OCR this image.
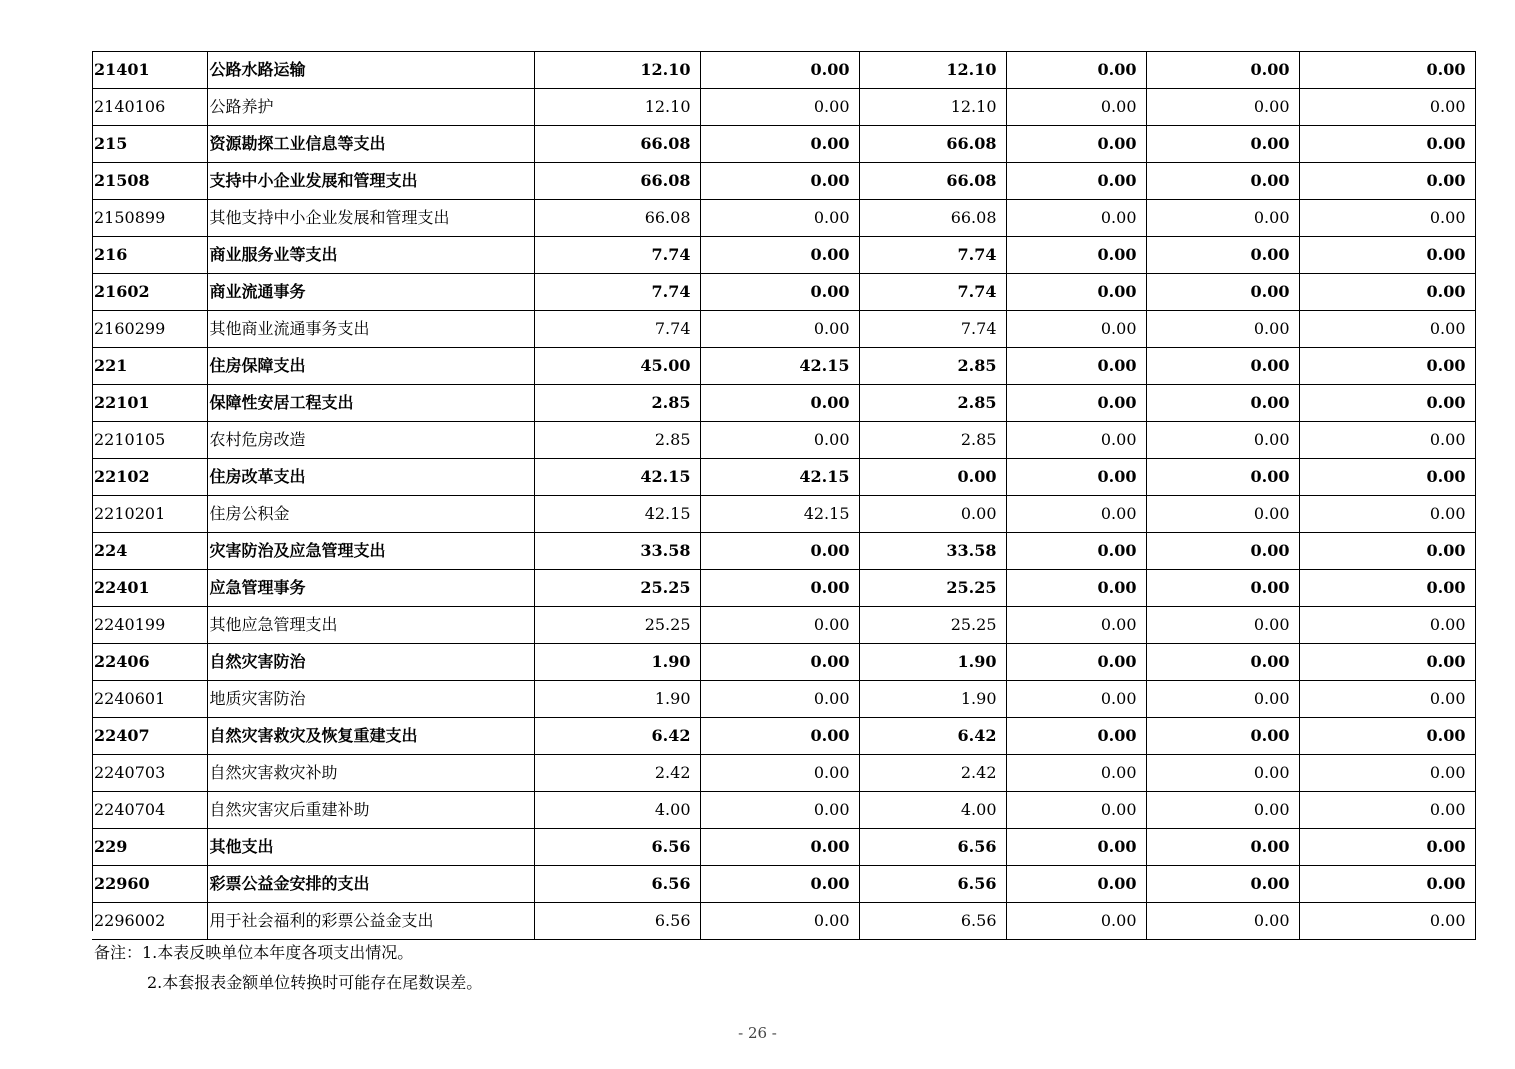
21401	公路水路运输	12.10	0.00	12.10	0.00	0.00	0.00
2140106	公路养护	12.10	0.00	12.10	0.00	0.00	0.00
215	资源勘探工业信息等支出	66.08	0.00	66.08	0.00	0.00	0.00
21508	支持中小企业发展和管理支出	66.08	0.00	66.08	0.00	0.00	0.00
2150899	其他支持中小企业发展和管理支出	66.08	0.00	66.08	0.00	0.00	0.00
216	商业服务业等支出	7.74	0.00	7.74	0.00	0.00	0.00
21602	商业流通事务	7.74	0.00	7.74	0.00	0.00	0.00
2160299	其他商业流通事务支出	7.74	0.00	7.74	0.00	0.00	0.00
221	住房保障支出	45.00	42.15	2.85	0.00	0.00	0.00
22101	保障性安居工程支出	2.85	0.00	2.85	0.00	0.00	0.00
2210105	农村危房改造	2.85	0.00	2.85	0.00	0.00	0.00
22102	住房改革支出	42.15	42.15	0.00	0.00	0.00	0.00
2210201	住房公积金	42.15	42.15	0.00	0.00	0.00	0.00
224	灾害防治及应急管理支出	33.58	0.00	33.58	0.00	0.00	0.00
22401	应急管理事务	25.25	0.00	25.25	0.00	0.00	0.00
2240199	其他应急管理支出	25.25	0.00	25.25	0.00	0.00	0.00
22406	自然灾害防治	1.90	0.00	1.90	0.00	0.00	0.00
2240601	地质灾害防治	1.90	0.00	1.90	0.00	0.00	0.00
22407	自然灾害救灾及恢复重建支出	6.42	0.00	6.42	0.00	0.00	0.00
2240703	自然灾害救灾补助	2.42	0.00	2.42	0.00	0.00	0.00
2240704	自然灾害灾后重建补助	4.00	0.00	4.00	0.00	0.00	0.00
229	其他支出	6.56	0.00	6.56	0.00	0.00	0.00
22960	彩票公益金安排的支出	6.56	0.00	6.56	0.00	0.00	0.00
2296002	用于社会福利的彩票公益金支出	6.56	0.00	6.56	0.00	0.00	0.00
备注：1.本表反映单位本年度各项支出情况。
2.本套报表金额单位转换时可能存在尾数误差。
- 26 -
